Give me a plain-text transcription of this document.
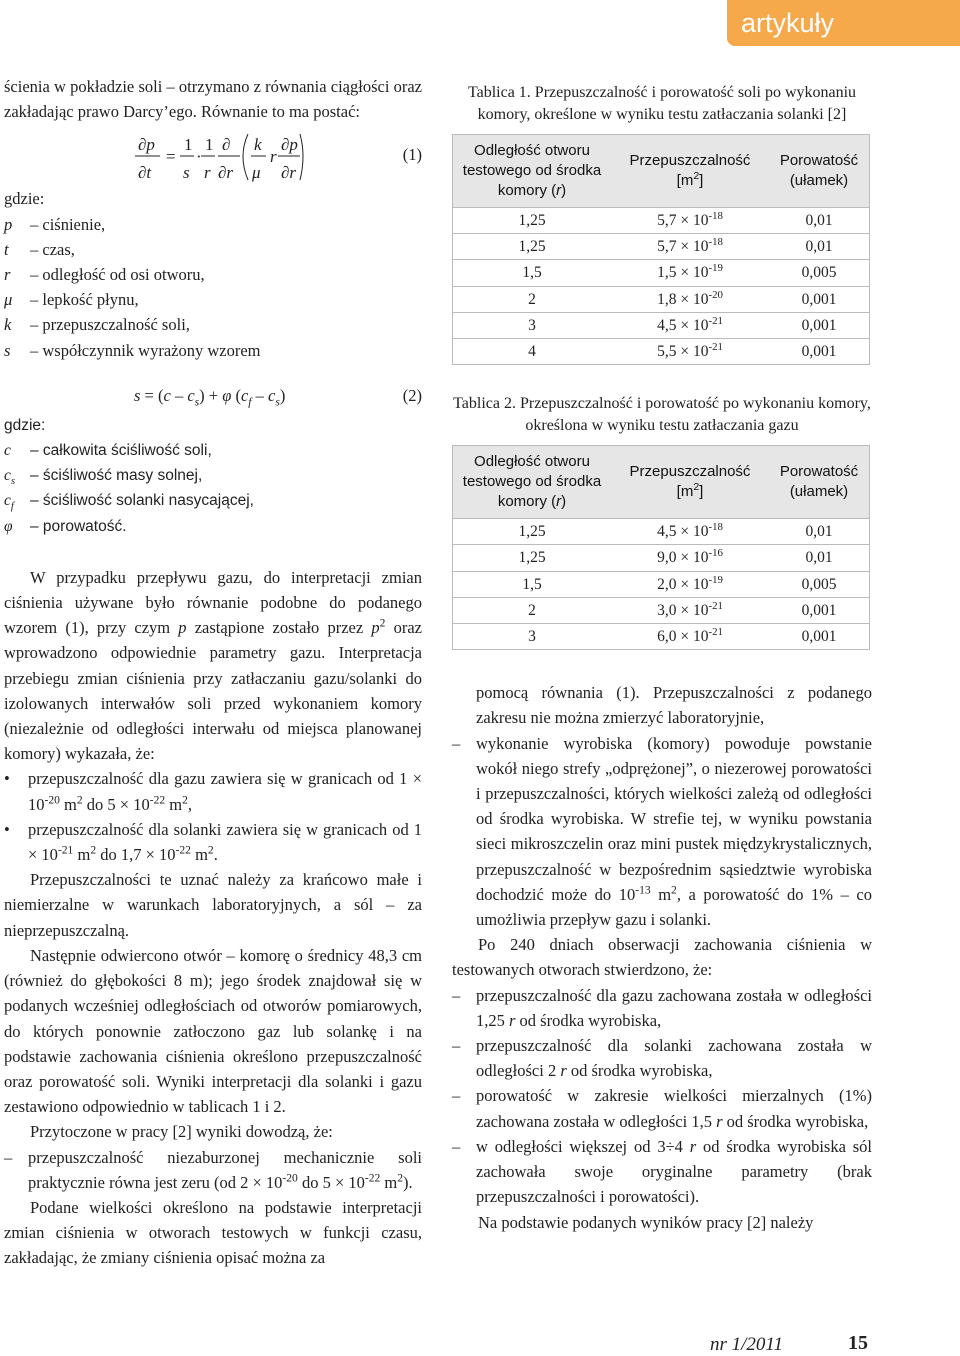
artykuły

ścienia w pokładzie soli – otrzymano z równania ciągłości oraz zakładając prawo Darcy’ego. Równanie to ma postać:

∂p
∂t
=
1
s
·
1
r
∂
∂r
k
μ
r
∂p
∂r
(1)

gdzie:

p	– ciśnienie,
t	– czas,
r	– odległość od osi otworu,
μ	– lepkość płynu,
k	– przepuszczalność soli,
s	– współczynnik wyrażony wzorem
$s = (c - c_s) + \varphi$ $(c_f - c_s)$	(2)

gdzie:

c	– całkowita ściśliwość soli,
$c_s$ – ściśliwość masy solnej,
$c_f$	– ściśliwość solanki nasycającej,
φ	– porowatość.

W przypadku przepływu gazu, do interpretacji zmian ciśnienia używane było równanie podobne do podanego wzorem (1), przy czym p zastąpione zostało przez $p^2$ oraz wprowadzono odpowiednie parametry gazu. Interpretacja przebiegu zmian ciśnienia przy zatłaczaniu gazu/solanki do izolowanych interwałów soli przed wykonaniem komory (niezależnie od odległości interwału od miejsca planowanej komory) wykazała, że:

•	przepuszczalność dla gazu zawiera się w granicach od $1 \times 10^{-20}$ $m^2$ do $5 \times 10^{-22}$ $m^2$,
•	przepuszczalność dla solanki zawiera się w granicach od $1 \times 10^{-21}$ $m^2$ do $1,7 \times 10^{-22}$ $m^2$.

Przepuszczalności te uznać należy za krańcowo małe i niemierzalne w warunkach laboratoryjnych, a sól – za nieprzepuszczalną.

Następnie odwiercono otwór – komorę o średnicy 48,3 cm (również do głębokości 8 m); jego środek znajdował się w podanych wcześniej odległościach od otworów pomiarowych, do których ponownie zatłoczono gaz lub solankę i na podstawie zachowania ciśnienia określono przepuszczalność oraz porowatość soli. Wyniki interpretacji dla solanki i gazu zestawiono odpowiednio w tablicach 1 i 2.

Przytoczone w pracy [2] wyniki dowodzą, że:

– przepuszczalność niezaburzonej mechanicznie soli praktycznie równa jest zeru (od $2 \times 10^{-20}$ do $5 \times 10^{-22}$ $m^2$).

Podane wielkości określono na podstawie interpretacji zmian ciśnienia w otworach testowych w funkcji czasu, zakładając, że zmiany ciśnienia opisać można za

Tablica 1. Przepuszczalność i porowatość soli po wykonaniu komory, określone w wyniku testu zatłaczania solanki [2]

Odległość otworu testowego od środka komory (r)	Przepuszczalność $[m^2]$	Porowatość (ułamek)
1,25	$5,7 \times 10^{-18}$	0,01
1,25	$5,7 \times 10^{-18}$	0,01
1,5	$1,5 \times 10^{-19}$	0,005
2	$1,8 \times 10^{-20}$	0,001
3	$4,5 \times 10^{-21}$	0,001
4	$5,5 \times 10^{-21}$	0,001

Tablica 2. Przepuszczalność i porowatość po wykonaniu komory, określona w wyniku testu zatłaczania gazu

Odległość otworu testowego od środka komory (r)	Przepuszczalność $[m^2]$	Porowatość (ułamek)
1,25	$4,5 \times 10^{-18}$	0,01
1,25	$9,0 \times 10^{-16}$	0,01
1,5	$2,0 \times 10^{-19}$	0,005
2	$3,0 \times 10^{-21}$	0,001
3	$6,0 \times 10^{-21}$	0,001

pomocą równania (1). Przepuszczalności z podanego zakresu nie można zmierzyć laboratoryjnie,

– wykonanie wyrobiska (komory) powoduje powstanie wokół niego strefy „odprężonej”, o niezerowej porowatości i przepuszczalności, których wielkości zależą od odległości od środka wyrobiska. W strefie tej, w wyniku powstania sieci mikroszczelin oraz mini pustek międzykrystalicznych, przepuszczalność w bezpośrednim sąsiedztwie wyrobiska dochodzić może do $10^{-13}$ $m^2$, a porowatość do 1% – co umożliwia przepływ gazu i solanki.

Po 240 dniach obserwacji zachowania ciśnienia w testowanych otworach stwierdzono, że:

– przepuszczalność dla gazu zachowana została w odległości 1,25 r od środka wyrobiska,
– przepuszczalność dla solanki zachowana została w odległości 2 r od środka wyrobiska,
– porowatość w zakresie wielkości mierzalnych (1%) zachowana została w odległości 1,5 r od środka wyrobiska,
– w odległości większej od 3÷4 r od środka wyrobiska sól zachowała swoje oryginalne parametry (brak przepuszczalności i porowatości).

Na podstawie podanych wyników pracy [2] należy

nr 1/2011	15
